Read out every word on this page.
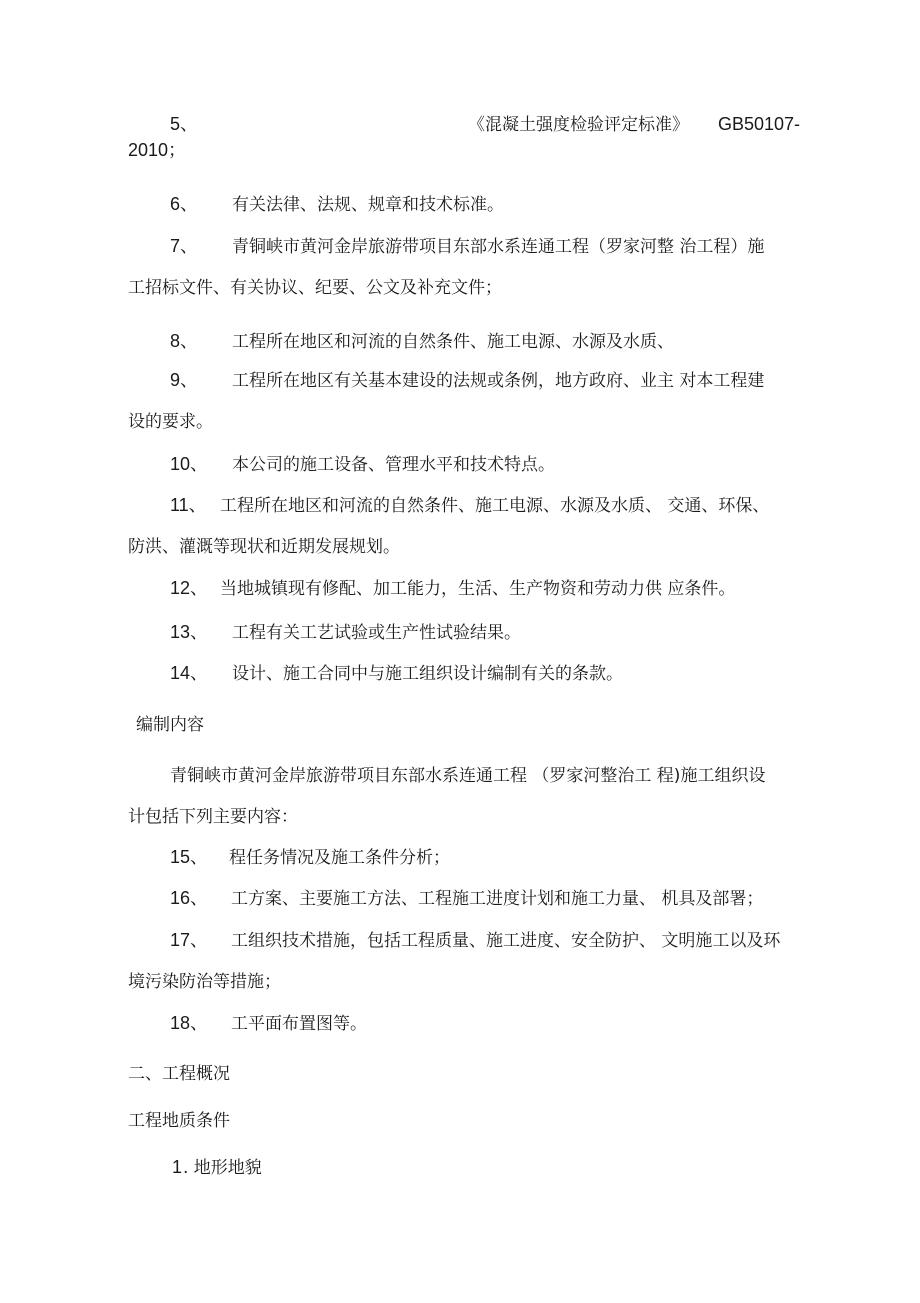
5、	《混凝土强度检验评定标准》 GB50107-
2010；
6、 有关法律、法规、规章和技术标准。
7、 青铜峡市黄河金岸旅游带项目东部水系连通工程（罗家河整 治工程）施
工招标文件、有关协议、纪要、公文及补充文件；
8、 工程所在地区和河流的自然条件、施工电源、水源及水质、
9、 工程所在地区有关基本建设的法规或条例，地方政府、业主 对本工程建
设的要求。
10、 本公司的施工设备、管理水平和技术特点。
11、 工程所在地区和河流的自然条件、施工电源、水源及水质、 交通、环保、
防洪、灌溉等现状和近期发展规划。
12、 当地城镇现有修配、加工能力，生活、生产物资和劳动力供 应条件。
13、 工程有关工艺试验或生产性试验结果。
14、 设计、施工合同中与施工组织设计编制有关的条款。
编制内容
青铜峡市黄河金岸旅游带项目东部水系连通工程 （罗家河整治工 程)施工组织设
计包括下列主要内容：
15、 程任务情况及施工条件分析；
16、 工方案、主要施工方法、工程施工进度计划和施工力量、 机具及部署；
17、 工组织技术措施，包括工程质量、施工进度、安全防护、 文明施工以及环
境污染防治等措施；
18、 工平面布置图等。
二、工程概况
工程地质条件
1 . 地形地貌
